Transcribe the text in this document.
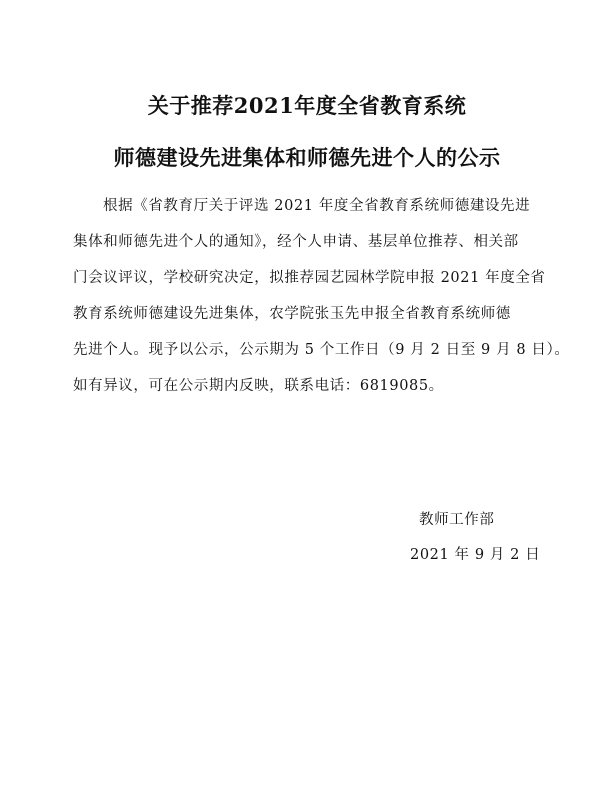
关于推荐2021年度全省教育系统
师德建设先进集体和师德先进个人的公示
根据《省教育厅关于评选 2021 年度全省教育系统师德建设先进
集体和师德先进个人的通知》，经个人申请、基层单位推荐、相关部
门会议评议，学校研究决定，拟推荐园艺园林学院申报 2021 年度全省
教育系统师德建设先进集体，农学院张玉先申报全省教育系统师德
先进个人。现予以公示，公示期为 5 个工作日（9 月 2 日至 9 月 8 日）。
如有异议，可在公示期内反映，联系电话：6819085。
教师工作部
2021 年 9 月 2 日
